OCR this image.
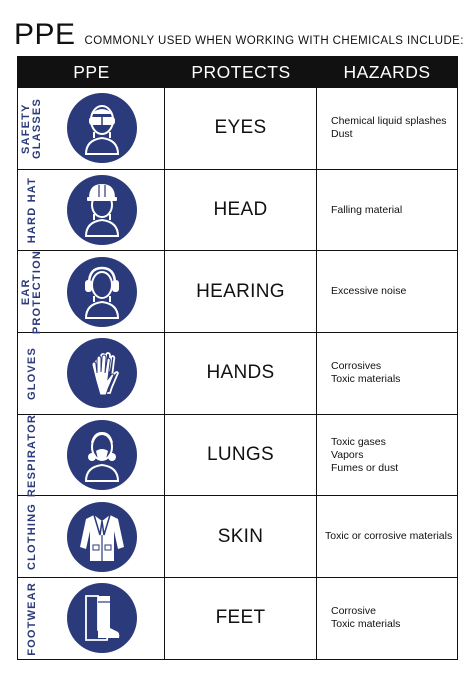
PPE COMMONLY USED WHEN WORKING WITH CHEMICALS INCLUDE:
PPE	PROTECTS	HAZARDS
SAFETY
GLASSES	EYES	Chemical liquid splashes
Dust
HARD HAT	HEAD	Falling material
EAR
PROTECTION	HEARING	Excessive noise
GLOVES	HANDS	Corrosives
Toxic materials
RESPIRATOR	LUNGS
Toxic gases
Vapors
Fumes or dust
CLOTHING	SKIN	Toxic or corrosive materials
FOOTWEAR	FEET	Corrosive
Toxic materials
